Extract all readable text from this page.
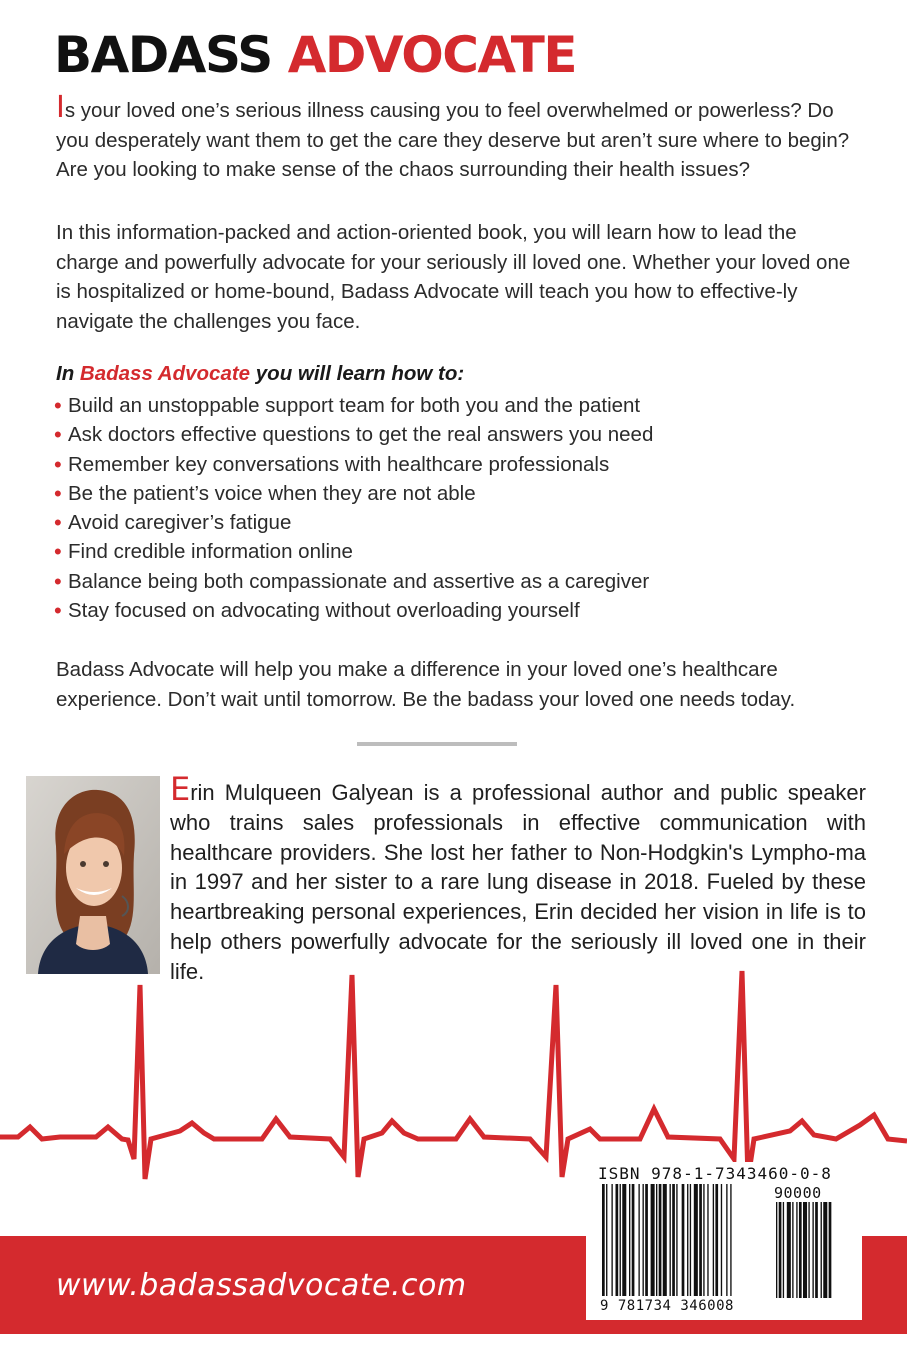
BADASS ADVOCATE

Is your loved one’s serious illness causing you to feel overwhelmed or powerless? Do you desperately want them to get the care they deserve but aren’t sure where to begin? Are you looking to make sense of the chaos surrounding their health issues?

In this information-packed and action-oriented book, you will learn how to lead the charge and powerfully advocate for your seriously ill loved one. Whether your loved one is hospitalized or home-bound, Badass Advocate will teach you how to effective-ly navigate the challenges you face.

In Badass Advocate you will learn how to:
• Build an unstoppable support team for both you and the patient
• Ask doctors effective questions to get the real answers you need
• Remember key conversations with healthcare professionals
• Be the patient’s voice when they are not able
• Avoid caregiver’s fatigue
• Find credible information online
• Balance being both compassionate and assertive as a caregiver
• Stay focused on advocating without overloading yourself

Badass Advocate will help you make a difference in your loved one’s healthcare experience. Don’t wait until tomorrow. Be the badass your loved one needs today.

Erin Mulqueen Galyean is a professional author and public speaker who trains sales professionals in effective communication with healthcare providers. She lost her father to Non-Hodgkin's Lympho-ma in 1997 and her sister to a rare lung disease in 2018. Fueled by these heartbreaking personal experiences, Erin decided her vision in life is to help others powerfully advocate for the seriously ill loved one in their life.

www.badassadvocate.com
ISBN 978-1-7343460-0-8
90000
9 781734 346008
